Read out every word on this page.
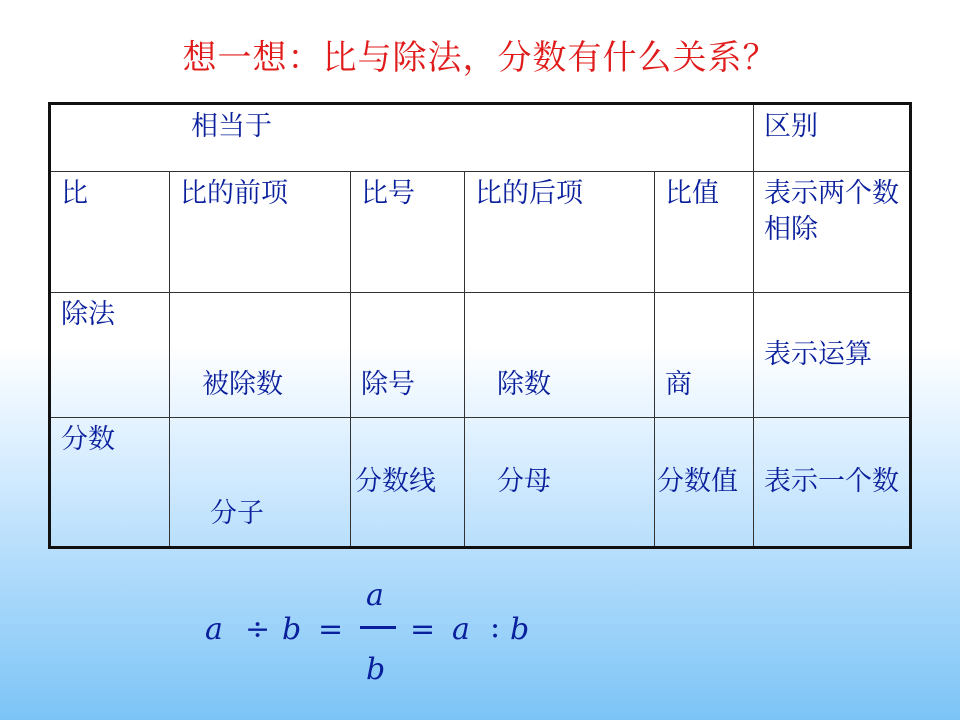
想一想：比与除法，分数有什么关系？
相当于					区别
比	比的前项	比号	比的后项	比值	表示两个数相除
除法	被除数	除号	除数	商	表示运算
分数	分子	分数线	分母	分数值	表示一个数
a ÷ b =
a
b
= a : b
